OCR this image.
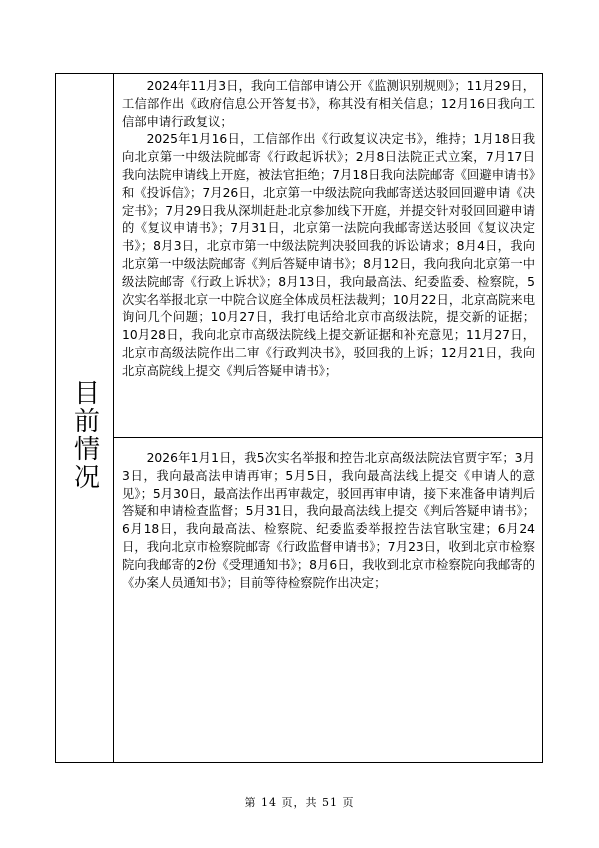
目前情况

2024年11月3日，我向工信部申请公开《监测识别规则》；11月29日，工信部作出《政府信息公开答复书》，称其没有相关信息；12月16日我向工信部申请行政复议；

2025年1月16日，工信部作出《行政复议决定书》，维持；1月18日我向北京第一中级法院邮寄《行政起诉状》；2月8日法院正式立案，7月17日我向法院申请线上开庭，被法官拒绝；7月18日我向法院邮寄《回避申请书》和《投诉信》；7月26日，北京第一中级法院向我邮寄送达驳回回避申请《决定书》；7月29日我从深圳赶赴北京参加线下开庭，并提交针对驳回回避申请的《复议申请书》；7月31日，北京第一法院向我邮寄送达驳回《复议决定书》；8月3日，北京市第一中级法院判决驳回我的诉讼请求；8月4日，我向北京第一中级法院邮寄《判后答疑申请书》；8月12日，我向我向北京第一中级法院邮寄《行政上诉状》；8月13日，我向最高法、纪委监委、检察院，5次实名举报北京一中院合议庭全体成员枉法裁判；10月22日，北京高院来电询问几个问题；10月27日，我打电话给北京市高级法院，提交新的证据；10月28日，我向北京市高级法院线上提交新证据和补充意见；11月27日，北京市高级法院作出二审《行政判决书》，驳回我的上诉；12月21日，我向北京高院线上提交《判后答疑申请书》；

2026年1月1日，我5次实名举报和控告北京高级法院法官贾宇军；3月3日，我向最高法申请再审；5月5日，我向最高法线上提交《申请人的意见》；5月30日，最高法作出再审裁定，驳回再审申请，接下来准备申请判后答疑和申请检查监督；5月31日，我向最高法线上提交《判后答疑申请书》；6月18日，我向最高法、检察院、纪委监委举报控告法官耿宝建；6月24日，我向北京市检察院邮寄《行政监督申请书》；7月23日，收到北京市检察院向我邮寄的2份《受理通知书》；8月6日，我收到北京市检察院向我邮寄的《办案人员通知书》；目前等待检察院作出决定；

第 14 页，共 51 页
